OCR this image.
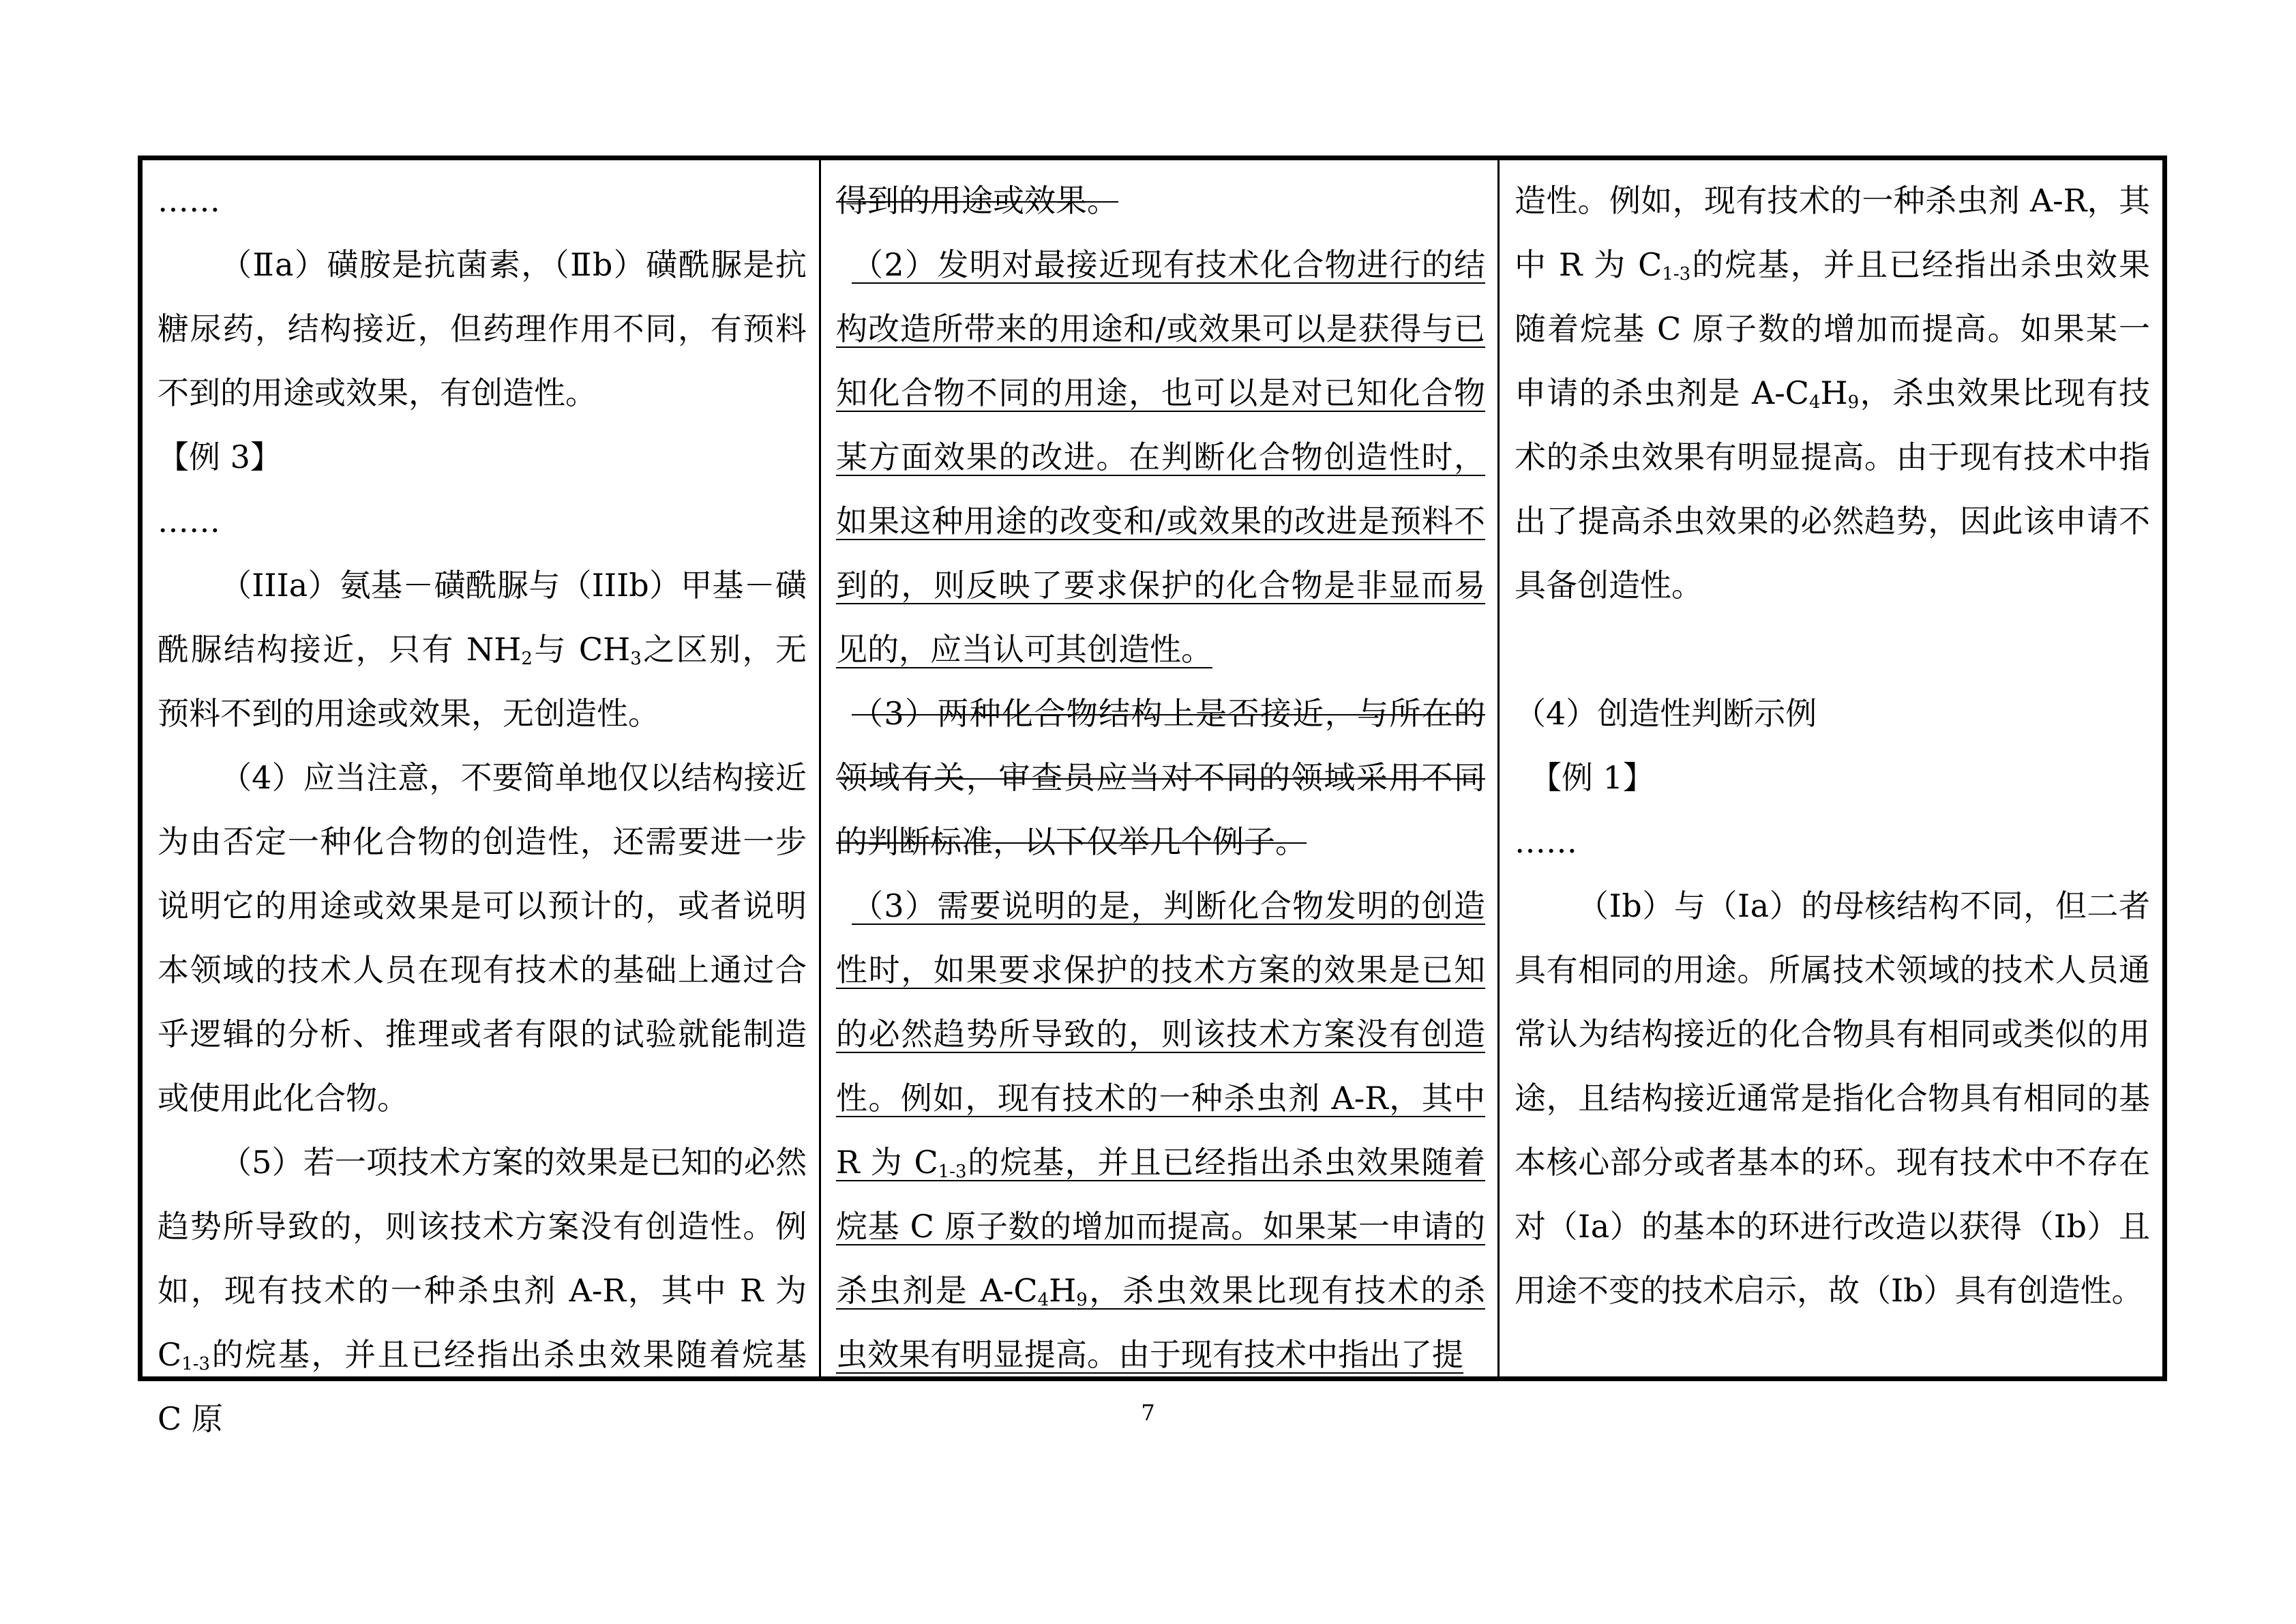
……

（Ⅱa）磺胺是抗菌素，（Ⅱb）磺酰脲是抗糖尿药，结构接近，但药理作用不同，有预料不到的用途或效果，有创造性。

【例 3】

……

（IIIa）氨基－磺酰脲与（IIIb）甲基－磺酰脲结构接近，只有 $NH_2$与 $CH_3$之区别，无预料不到的用途或效果，无创造性。

（4）应当注意，不要简单地仅以结构接近为由否定一种化合物的创造性，还需要进一步说明它的用途或效果是可以预计的，或者说明本领域的技术人员在现有技术的基础上通过合乎逻辑的分析、推理或者有限的试验就能制造或使用此化合物。

（5）若一项技术方案的效果是已知的必然趋势所导致的，则该技术方案没有创造性。例如，现有技术的一种杀虫剂 A-R，其中 R 为 $C_{1-3}$的烷基，并且已经指出杀虫效果随着烷基 C 原

得到的用途或效果。

（2）发明对最接近现有技术化合物进行的结构改造所带来的用途和/或效果可以是获得与已知化合物不同的用途，也可以是对已知化合物某方面效果的改进。在判断化合物创造性时，如果这种用途的改变和/或效果的改进是预料不到的，则反映了要求保护的化合物是非显而易见的，应当认可其创造性。

（3）两种化合物结构上是否接近，与所在的领域有关，审查员应当对不同的领域采用不同的判断标准，以下仅举几个例子。

（3）需要说明的是，判断化合物发明的创造性时，如果要求保护的技术方案的效果是已知的必然趋势所导致的，则该技术方案没有创造性。例如，现有技术的一种杀虫剂 A-R，其中 R 为 $C_{1-3}$的烷基，并且已经指出杀虫效果随着烷基 C 原子数的增加而提高。如果某一申请的杀虫剂是 $A-C_4H_9$，杀虫效果比现有技术的杀虫效果有明显提高。由于现有技术中指出了提

造性。例如，现有技术的一种杀虫剂 A-R，其中 R 为 $C_{1-3}$的烷基，并且已经指出杀虫效果随着烷基 C 原子数的增加而提高。如果某一申请的杀虫剂是 $A-C_4H_9$，杀虫效果比现有技术的杀虫效果有明显提高。由于现有技术中指出了提高杀虫效果的必然趋势，因此该申请不具备创造性。

（4）创造性判断示例

【例 1】

……

（Ⅰb）与（Ⅰa）的母核结构不同，但二者具有相同的用途。所属技术领域的技术人员通常认为结构接近的化合物具有相同或类似的用途，且结构接近通常是指化合物具有相同的基本核心部分或者基本的环。现有技术中不存在对（Ⅰa）的基本的环进行改造以获得（Ⅰb）且用途不变的技术启示，故（Ⅰb）具有创造性。

7
